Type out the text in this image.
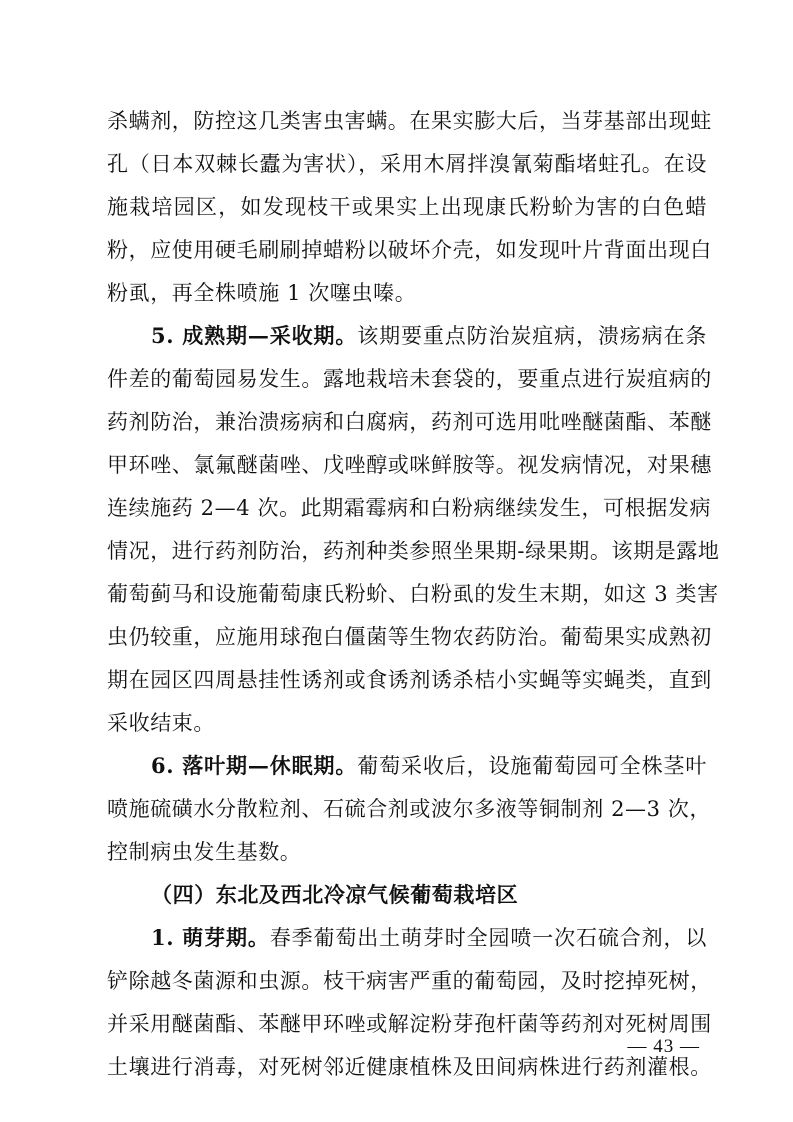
杀螨剂，防控这几类害虫害螨。在果实膨大后，当芽基部出现蛀
孔（日本双棘长蠹为害状），采用木屑拌溴氰菊酯堵蛀孔。在设
施栽培园区，如发现枝干或果实上出现康氏粉蚧为害的白色蜡
粉，应使用硬毛刷刷掉蜡粉以破坏介壳，如发现叶片背面出现白
粉虱，再全株喷施 1 次噻虫嗪。
5. 成熟期—采收期。该期要重点防治炭疽病，溃疡病在条
件差的葡萄园易发生。露地栽培未套袋的，要重点进行炭疽病的
药剂防治，兼治溃疡病和白腐病，药剂可选用吡唑醚菌酯、苯醚
甲环唑、氯氟醚菌唑、戊唑醇或咪鲜胺等。视发病情况，对果穗
连续施药 2—4 次。此期霜霉病和白粉病继续发生，可根据发病
情况，进行药剂防治，药剂种类参照坐果期-绿果期。该期是露地
葡萄蓟马和设施葡萄康氏粉蚧、白粉虱的发生末期，如这 3 类害
虫仍较重，应施用球孢白僵菌等生物农药防治。葡萄果实成熟初
期在园区四周悬挂性诱剂或食诱剂诱杀桔小实蝇等实蝇类，直到
采收结束。
6. 落叶期—休眠期。葡萄采收后，设施葡萄园可全株茎叶
喷施硫磺水分散粒剂、石硫合剂或波尔多液等铜制剂 2—3 次，
控制病虫发生基数。
（四）东北及西北冷凉气候葡萄栽培区
1. 萌芽期。春季葡萄出土萌芽时全园喷一次石硫合剂，以
铲除越冬菌源和虫源。枝干病害严重的葡萄园，及时挖掉死树，
并采用醚菌酯、苯醚甲环唑或解淀粉芽孢杆菌等药剂对死树周围
土壤进行消毒，对死树邻近健康植株及田间病株进行药剂灌根。
— 43 —
